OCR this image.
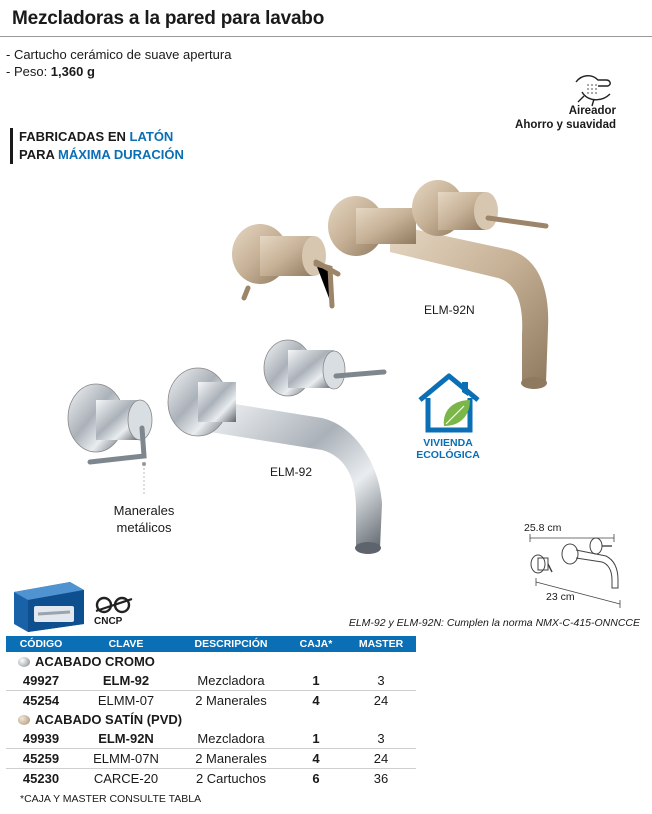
Mezcladoras a la pared para lavabo
- Cartucho cerámico de suave apertura
- Peso: 1,360 g
FABRICADAS EN LATÓN
PARA MÁXIMA DURACIÓN
Aireador
Ahorro y suavidad
ELM-92N
ELM-92
Manerales
metálicos
VIVIENDA
ECOLÓGICA
25.8 cm
23 cm
CNCP	ELM-92 y ELM-92N: Cumplen la norma NMX-C-415-ONNCCE
CÓDIGO	CLAVE	DESCRIPCIÓN	CAJA*	MASTER
ACABADO CROMO				
49927	ELM-92	Mezcladora	1	3
45254	ELMM-07	2 Manerales	4	24
ACABADO SATÍN (PVD)				
49939	ELM-92N	Mezcladora	1	3
45259	ELMM-07N	2 Manerales	4	24
45230	CARCE-20	2 Cartuchos	6	36
*CAJA Y MASTER CONSULTE TABLA
